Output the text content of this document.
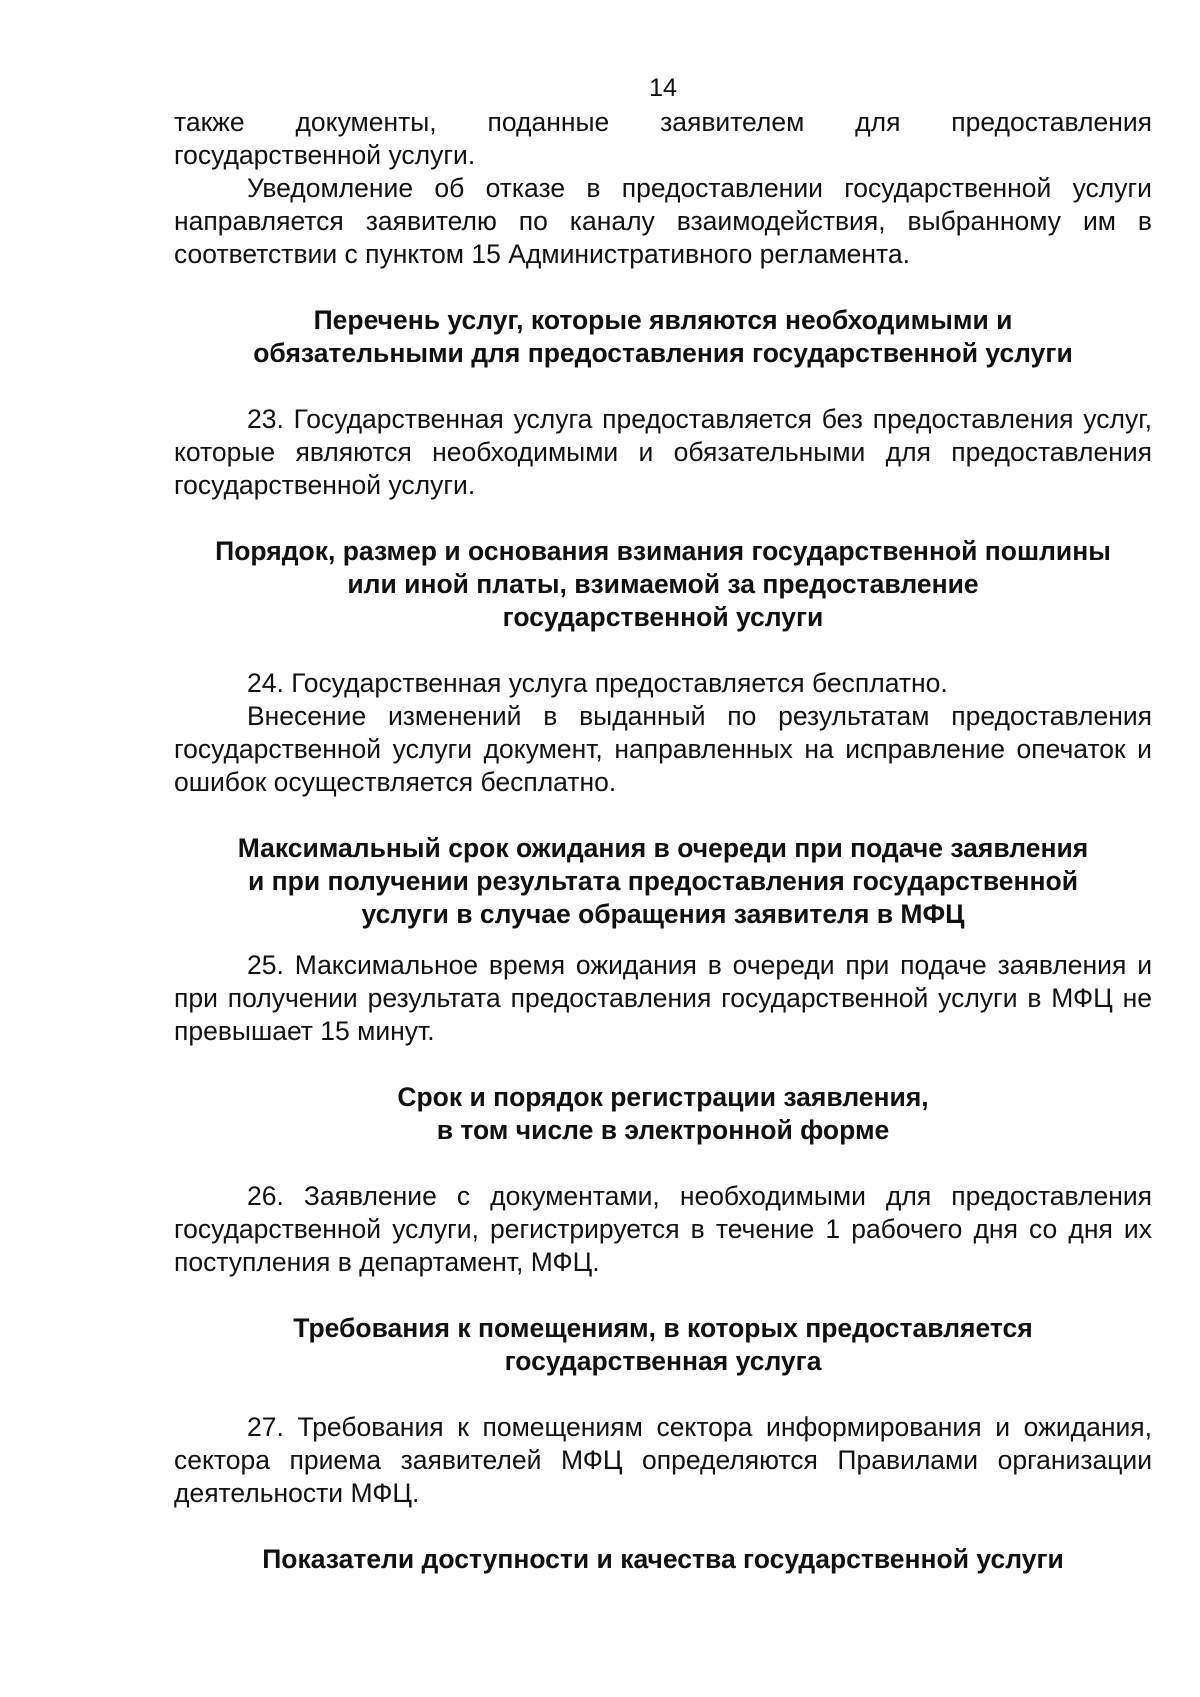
14

также документы, поданные заявителем для предоставления

государственной услуги.

Уведомление об отказе в предоставлении государственной услуги направляется заявителю по каналу взаимодействия, выбранному им в соответствии с пунктом 15 Административного регламента.

Перечень услуг, которые являются необходимыми и
обязательными для предоставления государственной услуги

23. Государственная услуга предоставляется без предоставления услуг, которые являются необходимыми и обязательными для предоставления государственной услуги.

Порядок, размер и основания взимания государственной пошлины
или иной платы, взимаемой за предоставление
государственной услуги

24. Государственная услуга предоставляется бесплатно.

Внесение изменений в выданный по результатам предоставления государственной услуги документ, направленных на исправление опечаток и ошибок осуществляется бесплатно.

Максимальный срок ожидания в очереди при подаче заявления
и при получении результата предоставления государственной
услуги в случае обращения заявителя в МФЦ

25. Максимальное время ожидания в очереди при подаче заявления и при получении результата предоставления государственной услуги в МФЦ не превышает 15 минут.

Срок и порядок регистрации заявления,
в том числе в электронной форме

26. Заявление с документами, необходимыми для предоставления государственной услуги, регистрируется в течение 1 рабочего дня со дня их поступления в департамент, МФЦ.

Требования к помещениям, в которых предоставляется
государственная услуга

27. Требования к помещениям сектора информирования и ожидания, сектора приема заявителей МФЦ определяются Правилами организации деятельности МФЦ.

Показатели доступности и качества государственной услуги
